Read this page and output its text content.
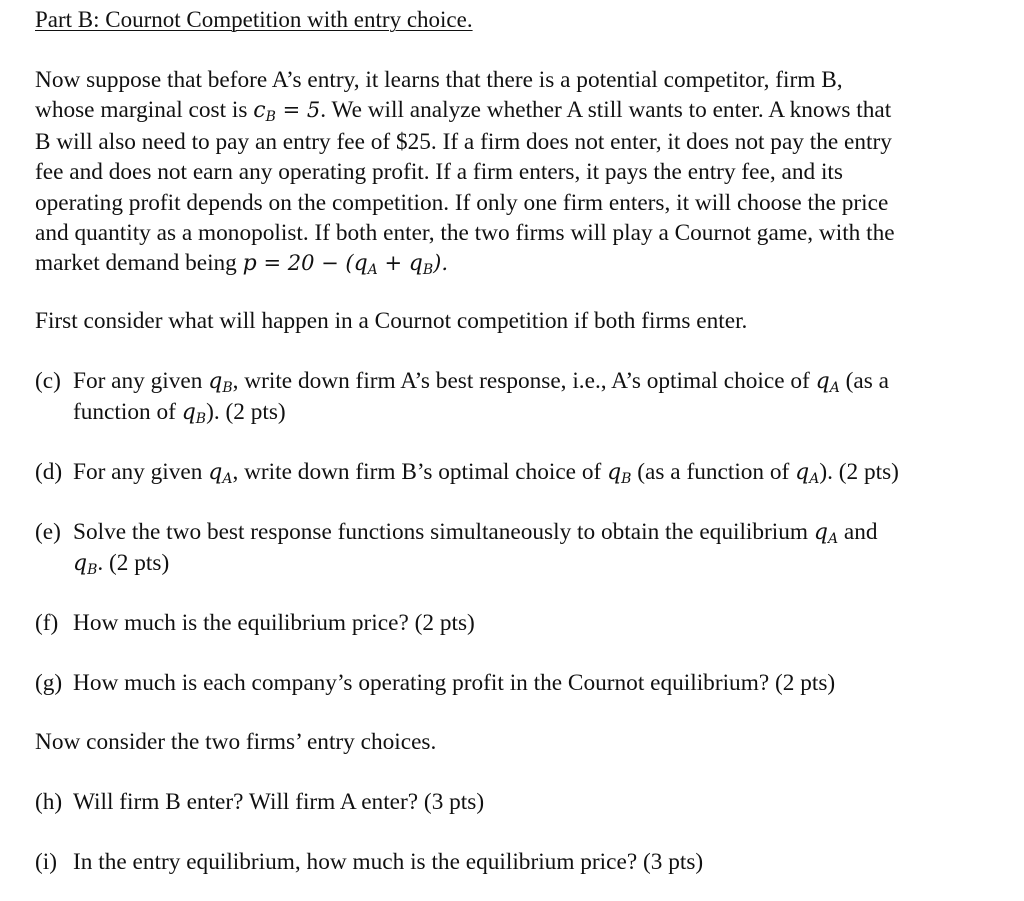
Part B: Cournot Competition with entry choice.

Now suppose that before A’s entry, it learns that there is a potential competitor, firm B,
whose marginal cost is $c_B = 5$. We will analyze whether A still wants to enter. A knows that
B will also need to pay an entry fee of $25. If a firm does not enter, it does not pay the entry
fee and does not earn any operating profit. If a firm enters, it pays the entry fee, and its
operating profit depends on the competition. If only one firm enters, it will choose the price
and quantity as a monopolist. If both enter, the two firms will play a Cournot game, with the
market demand being $p = 20 - (q_A + q_B)$.

First consider what will happen in a Cournot competition if both firms enter.

(c) For any given $q_B$, write down firm A’s best response, i.e., A’s optimal choice of $q_A$ (as a
function of $q_B$). (2 pts)
(d) For any given $q_A$, write down firm B’s optimal choice of $q_B$ (as a function of $q_A$). (2 pts)
(e) Solve the two best response functions simultaneously to obtain the equilibrium $q_A$ and
$q_B$. (2 pts)
(f) How much is the equilibrium price? (2 pts)
(g) How much is each company’s operating profit in the Cournot equilibrium? (2 pts)

Now consider the two firms’ entry choices.

(h) Will firm B enter? Will firm A enter? (3 pts)
(i) In the entry equilibrium, how much is the equilibrium price? (3 pts)
